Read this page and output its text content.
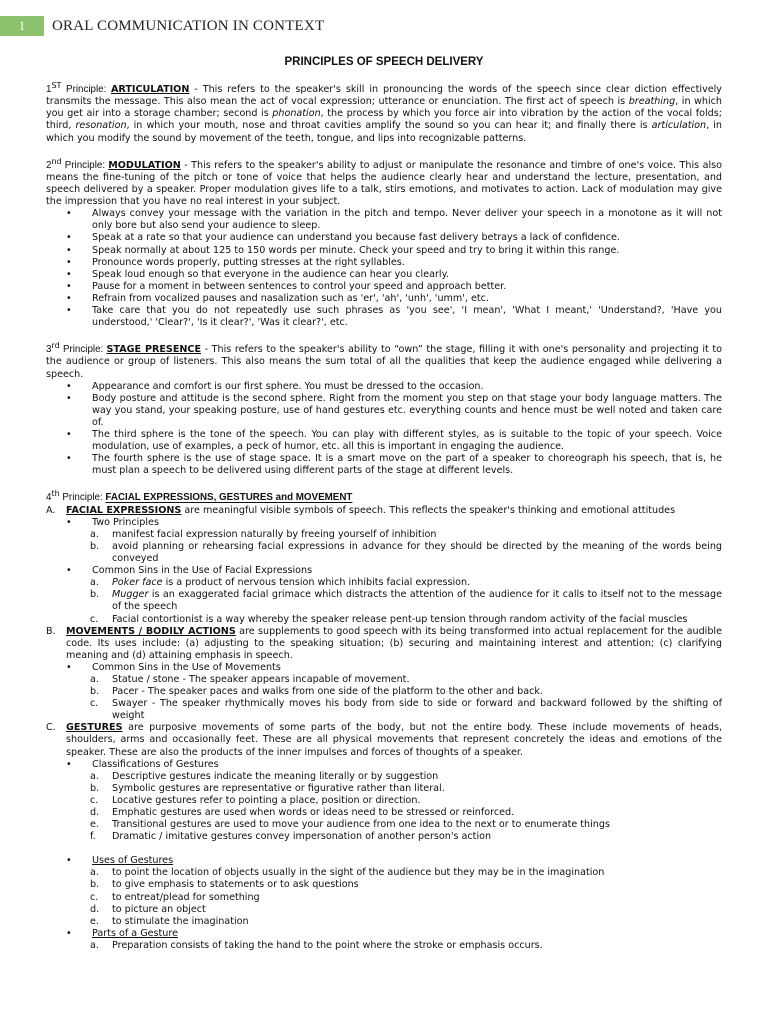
1	ORAL COMMUNICATION IN CONTEXT
PRINCIPLES OF SPEECH DELIVERY

1ST Principle: ARTICULATION - This refers to the speaker's skill in pronouncing the words of the speech since clear diction effectively transmits the message. This also mean the act of vocal expression; utterance or enunciation. The first act of speech is breathing, in which you get air into a storage chamber; second is phonation, the process by which you force air into vibration by the action of the vocal folds; third, resonation, in which your mouth, nose and throat cavities amplify the sound so you can hear it; and finally there is articulation, in which you modify the sound by movement of the teeth, tongue, and lips into recognizable patterns.

2nd Principle: MODULATION - This refers to the speaker's ability to adjust or manipulate the resonance and timbre of one's voice. This also means the fine-tuning of the pitch or tone of voice that helps the audience clearly hear and understand the lecture, presentation, and speech delivered by a speaker. Proper modulation gives life to a talk, stirs emotions, and motivates to action. Lack of modulation may give the impression that you have no real interest in your subject.

• Always convey your message with the variation in the pitch and tempo. Never deliver your speech in a monotone as it will not only bore but also send your audience to sleep.
• Speak at a rate so that your audience can understand you because fast delivery betrays a lack of confidence.
• Speak normally at about 125 to 150 words per minute. Check your speed and try to bring it within this range.
• Pronounce words properly, putting stresses at the right syllables.
• Speak loud enough so that everyone in the audience can hear you clearly.
• Pause for a moment in between sentences to control your speed and approach better.
• Refrain from vocalized pauses and nasalization such as 'er', 'ah', 'unh', 'umm', etc.
• Take care that you do not repeatedly use such phrases as 'you see', 'I mean', 'What I meant,' 'Understand?, 'Have you understood,' 'Clear?', 'Is it clear?', 'Was it clear?', etc.

3rd Principle: STAGE PRESENCE - This refers to the speaker's ability to “own” the stage, filling it with one's personality and projecting it to the audience or group of listeners. This also means the sum total of all the qualities that keep the audience engaged while delivering a speech.

• Appearance and comfort is our first sphere. You must be dressed to the occasion.
• Body posture and attitude is the second sphere. Right from the moment you step on that stage your body language matters. The way you stand, your speaking posture, use of hand gestures etc. everything counts and hence must be well noted and taken care of.
• The third sphere is the tone of the speech. You can play with different styles, as is suitable to the topic of your speech. Voice modulation, use of examples, a peck of humor, etc. all this is important in engaging the audience.
• The fourth sphere is the use of stage space. It is a smart move on the part of a speaker to choreograph his speech, that is, he must plan a speech to be delivered using different parts of the stage at different levels.

4th Principle: FACIAL EXPRESSIONS, GESTURES and MOVEMENT

A. FACIAL EXPRESSIONS are meaningful visible symbols of speech. This reflects the speaker's thinking and emotional attitudes

• Two Principles
a. manifest facial expression naturally by freeing yourself of inhibition
b. avoid planning or rehearsing facial expressions in advance for they should be directed by the meaning of the words being conveyed
• Common Sins in the Use of Facial Expressions
a. Poker face is a product of nervous tension which inhibits facial expression.
b. Mugger is an exaggerated facial grimace which distracts the attention of the audience for it calls to itself not to the message of the speech
c. Facial contortionist is a way whereby the speaker release pent-up tension through random activity of the facial muscles
B. MOVEMENTS / BODILY ACTIONS are supplements to good speech with its being transformed into actual replacement for the audible code. Its uses include: (a) adjusting to the speaking situation; (b) securing and maintaining interest and attention; (c) clarifying meaning and (d) attaining emphasis in speech.

• Common Sins in the Use of Movements
a. Statue / stone - The speaker appears incapable of movement.
b. Pacer - The speaker paces and walks from one side of the platform to the other and back.
c. Swayer - The speaker rhythmically moves his body from side to side or forward and backward followed by the shifting of weight
C. GESTURES are purposive movements of some parts of the body, but not the entire body. These include movements of heads, shoulders, arms and occasionally feet. These are all physical movements that represent concretely the ideas and emotions of the speaker. These are also the products of the inner impulses and forces of thoughts of a speaker.

• Classifications of Gestures
a. Descriptive gestures indicate the meaning literally or by suggestion
b. Symbolic gestures are representative or figurative rather than literal.
c. Locative gestures refer to pointing a place, position or direction.
d. Emphatic gestures are used when words or ideas need to be stressed or reinforced.
e. Transitional gestures are used to move your audience from one idea to the next or to enumerate things
f. Dramatic / imitative gestures convey impersonation of another person's action
• Uses of Gestures
a. to point the location of objects usually in the sight of the audience but they may be in the imagination
b. to give emphasis to statements or to ask questions
c. to entreat/plead for something
d. to picture an object
e. to stimulate the imagination
• Parts of a Gesture
a. Preparation consists of taking the hand to the point where the stroke or emphasis occurs.
